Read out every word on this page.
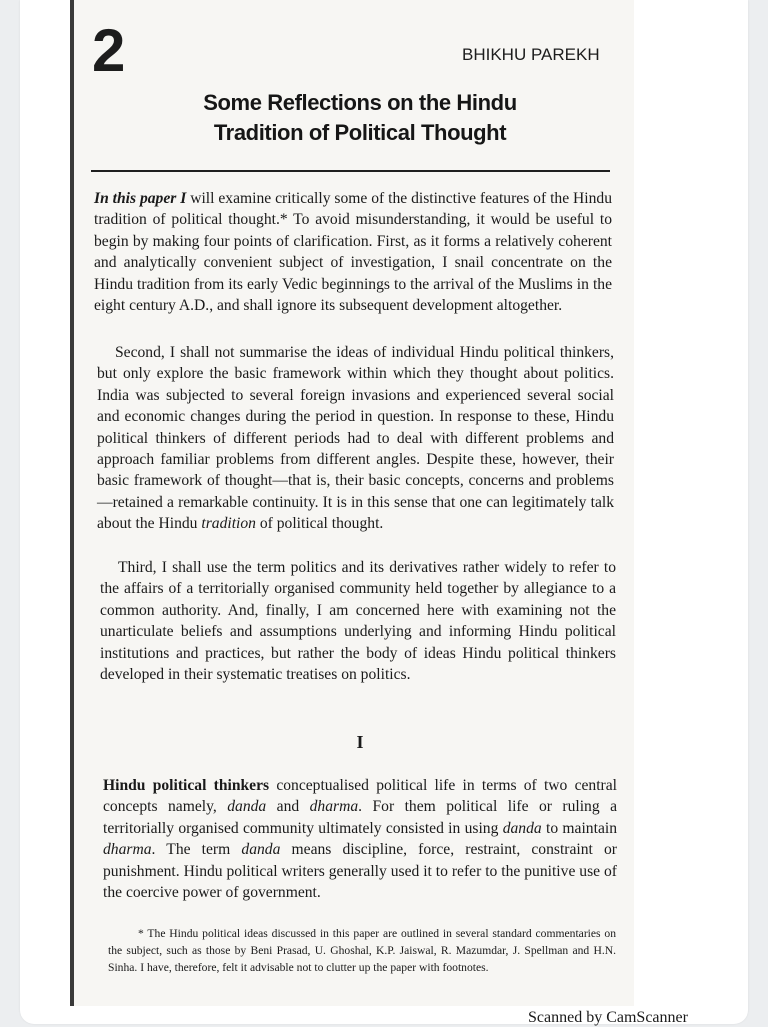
2	BHIKHU PAREKH
Some Reflections on the Hindu
Tradition of Political Thought

In this paper I will examine critically some of the distinctive features of the Hindu tradition of political thought.* To avoid misunderstanding, it would be useful to begin by making four points of clarification. First, as it forms a relatively coherent and analytically convenient subject of investigation, I snail concentrate on the Hindu tradition from its early Vedic beginnings to the arrival of the Muslims in the eight century A.D., and shall ignore its subsequent development altogether.

Second, I shall not summarise the ideas of individual Hindu political thinkers, but only explore the basic framework within which they thought about politics. India was subjected to several foreign invasions and experienced several social and economic changes during the period in question. In response to these, Hindu political thinkers of different periods had to deal with different problems and approach familiar problems from different angles. Despite these, however, their basic framework of thought—that is, their basic concepts, concerns and problems—retained a remarkable continuity. It is in this sense that one can legitimately talk about the Hindu tradition of political thought.

Third, I shall use the term politics and its derivatives rather widely to refer to the affairs of a territorially organised community held together by allegiance to a common authority. And, finally, I am concerned here with examining not the unarticulate beliefs and assumptions underlying and informing Hindu political institutions and practices, but rather the body of ideas Hindu political thinkers developed in their systematic treatises on politics.

I

Hindu political thinkers conceptualised political life in terms of two central concepts namely, danda and dharma. For them political life or ruling a territorially organised community ultimately consisted in using danda to maintain dharma. The term danda means discipline, force, restraint, constraint or punishment. Hindu political writers generally used it to refer to the punitive use of the coercive power of government.

* The Hindu political ideas discussed in this paper are outlined in several standard commentaries on the subject, such as those by Beni Prasad, U. Ghoshal, K.P. Jaiswal, R. Mazumdar, J. Spellman and H.N. Sinha. I have, therefore, felt it advisable not to clutter up the paper with footnotes.

Scanned by CamScanner
